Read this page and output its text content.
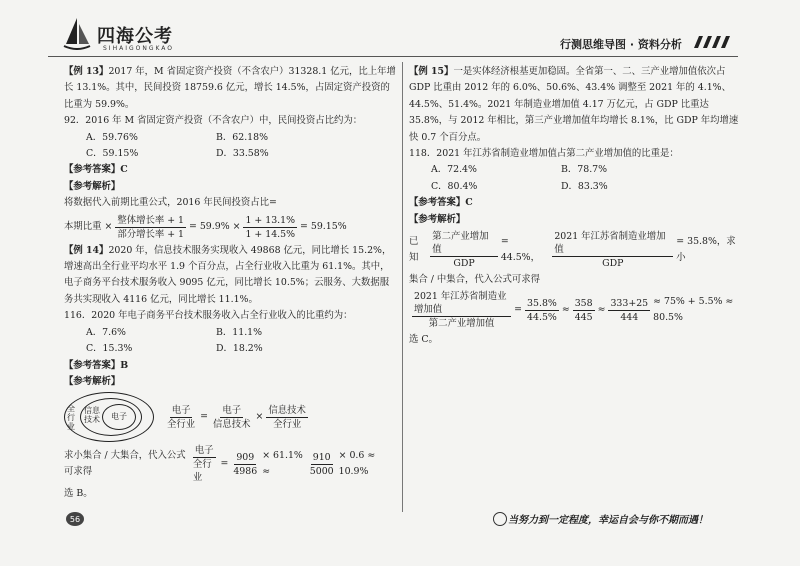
四海公考
SIHAIGONGKAO	行测思维导图 · 资料分析

【例 13】2017 年，M 省固定资产投资（不含农户）31328.1 亿元，比上年增长 13.1%。其中，民间投资 18759.6 亿元，增长 14.5%，占固定资产投资的比重为 59.9%。

92．2016 年 M 省固定资产投资（不含农户）中，民间投资占比约为：

A．59.76%	B．62.18%
C．59.15%	D．33.58%

【参考答案】C

【参考解析】

将数据代入前期比重公式，2016 年民间投资占比=

本期比重 × $\frac{\text{整体增长率 + 1}}{\text{部分增长率 + 1}} = 59.9\% \times \frac{1 + 13.1\%}{1 + 14.5\%} = 59.15\%$

【例 14】2020 年，信息技术服务实现收入 49868 亿元，同比增长 15.2%，增速高出全行业平均水平 1.9 个百分点，占全行业收入比重为 61.1%。其中，电子商务平台技术服务收入 9095 亿元，同比增长 10.5%；云服务、大数据服务共实现收入 4116 亿元，同比增长 11.1%。

116．2020 年电子商务平台技术服务收入占全行业收入的比重约为：

A．7.6%	B．11.1%
C．15.3%	D．18.2%

【参考答案】B

【参考解析】

电子
全行业
信息技术	$\frac{\text{电子}}{\text{全行业}} = \frac{\text{电子}}{\text{信息技术}} \times \frac{\text{信息技术}}{\text{全行业}}$
求小集合 / 大集合，代入公式可求得	$\frac{\text{电子}}{\text{全行业}} = \frac{909}{4986} \times 61.1\%$ ≈	$\frac{910}{5000} \times 0.6 \approx 10.9\%$

选 B。

【例 15】一是实体经济根基更加稳固。全省第一、二、三产业增加值依次占 GDP 比重由 2012 年的 6.0%、50.6%、43.4% 调整至 2021 年的 4.1%、44.5%、51.4%。2021 年制造业增加值 4.17 万亿元，占 GDP 比重达 35.8%，与 2012 年相比，第三产业增加值年均增长 8.1%，比 GDP 年均增速快 0.7 个百分点。

118．2021 年江苏省制造业增加值占第二产业增加值的比重是：

A．72.4%	B．78.7%
C．80.4%	D．83.3%

【参考答案】C

【参考解析】

已知	$\frac{\text{第二产业增加值}}{\text{GDP}} = 44.5\%$，	$\frac{\text{2021 年江苏省制造业增加值}}{\text{GDP}} = 35.8\%$，求小

集合 / 中集合，代入公式可求得

$\frac{\text{2021 年江苏省制造业增加值}}{\text{第二产业增加值}} = \frac{35.8\%}{44.5\%} \approx \frac{358}{445} \approx \frac{333+25}{444} \approx 75\% + 5.5\% \approx 80.5\%$

选 C。

56	当努力到一定程度，幸运自会与你不期而遇！
